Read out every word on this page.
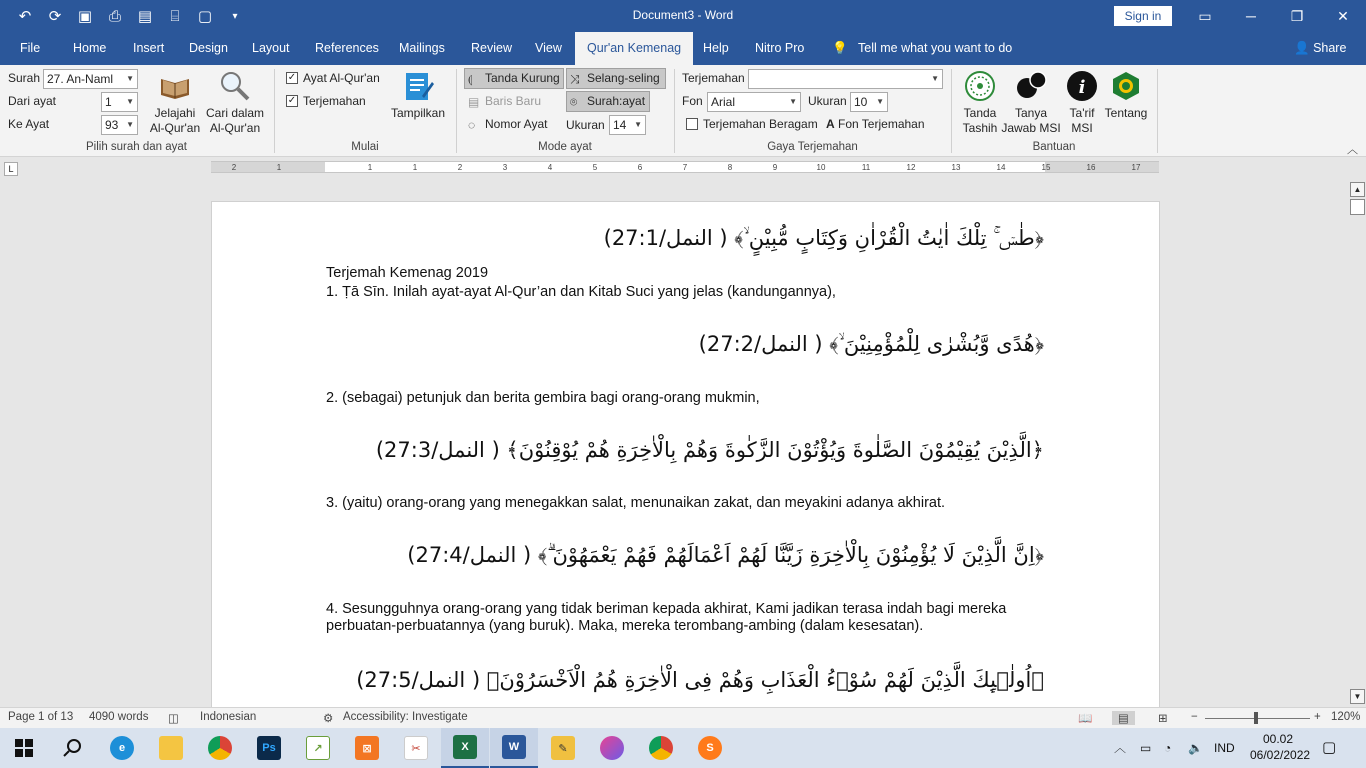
↶	⟳	▣	⎙	▤	⌸	▢	▾	Document3 - Word	Sign in	▭	─	❐	✕
File	Home Insert Design Layout References Mailings Review View	Qur'an Kemenag	Help Nitro Pro 💡 Tell me what you want to do	👤 Share
Surah 27. An-Naml ▼
Dari ayat	1 ▼
Ke Ayat	93 ▼
Jelajahi
Al-Qur'an
Cari dalam
Al-Qur'an
Pilih surah dan ayat
✓ Ayat Al-Qur'an
✓ Terjemahan
Tampilkan
Mulai
⦇ Tanda Kurung ⤨ Selang-seling
▤ Baris Baru	⌾ Surah:ayat
◌ Nomor Ayat	Ukuran 14 ▼
Mode ayat
Terjemahan	▼
Fon Arial	▼ Ukuran 10 ▼
Terjemahan Beragam A Fon Terjemahan
Gaya Terjemahan
Tanda
Tashih
Tanya
Jawab MSI
i
Ta'rif
MSI
Tentang
Bantuan	︿
L	2	1	1	1	2	3	4	5	6	7	8	9	10	11	12	13	14	15	16	17
﴿طٰسۤ ۚ تِلْكَ اٰيٰتُ الْقُرْاٰنِ وَكِتَابٍ مُّبِيْنٍ ۙ﴾ ( النمل/27:1)
Terjemah Kemenag 2019
1. Ṭā Sīn. Inilah ayat-ayat Al-Qur’an dan Kitab Suci yang jelas (kandungannya),
﴿هُدًى وَّبُشْرٰى لِلْمُؤْمِنِيْنَ ۙ﴾ ( النمل/27:2)
2. (sebagai) petunjuk dan berita gembira bagi orang-orang mukmin,
﴿الَّذِيْنَ يُقِيْمُوْنَ الصَّلٰوةَ وَيُؤْتُوْنَ الزَّكٰوةَ وَهُمْ بِالْاٰخِرَةِ هُمْ يُوْقِنُوْنَ﴾ ( النمل/27:3)
3. (yaitu) orang-orang yang menegakkan salat, menunaikan zakat, dan meyakini adanya akhirat.
﴿اِنَّ الَّذِيْنَ لَا يُؤْمِنُوْنَ بِالْاٰخِرَةِ زَيَّنَّا لَهُمْ اَعْمَالَهُمْ فَهُمْ يَعْمَهُوْنَ ۗ﴾ ( النمل/27:4)
4. Sesungguhnya orang-orang yang tidak beriman kepada akhirat, Kami jadikan terasa indah bagi mereka perbuatan-perbuatannya (yang buruk). Maka, mereka terombang-ambing (dalam kesesatan).
﴿اُولٰۤىِٕكَ الَّذِيْنَ لَهُمْ سُوْۤءُ الْعَذَابِ وَهُمْ فِى الْاٰخِرَةِ هُمُ الْاَخْسَرُوْنَ﴾ ( النمل/27:5)
▲
▼
Page 1 of 13 4090 words ◫ Indonesian	⚙ Accessibility: Investigate	📖	▤	⊞ −	+ 120%
e	Ps	↗	⊠	✂	X	W	✎	S	︿ ▭ ◔ 🔈 IND
00.02
06/02/2022 ▢
